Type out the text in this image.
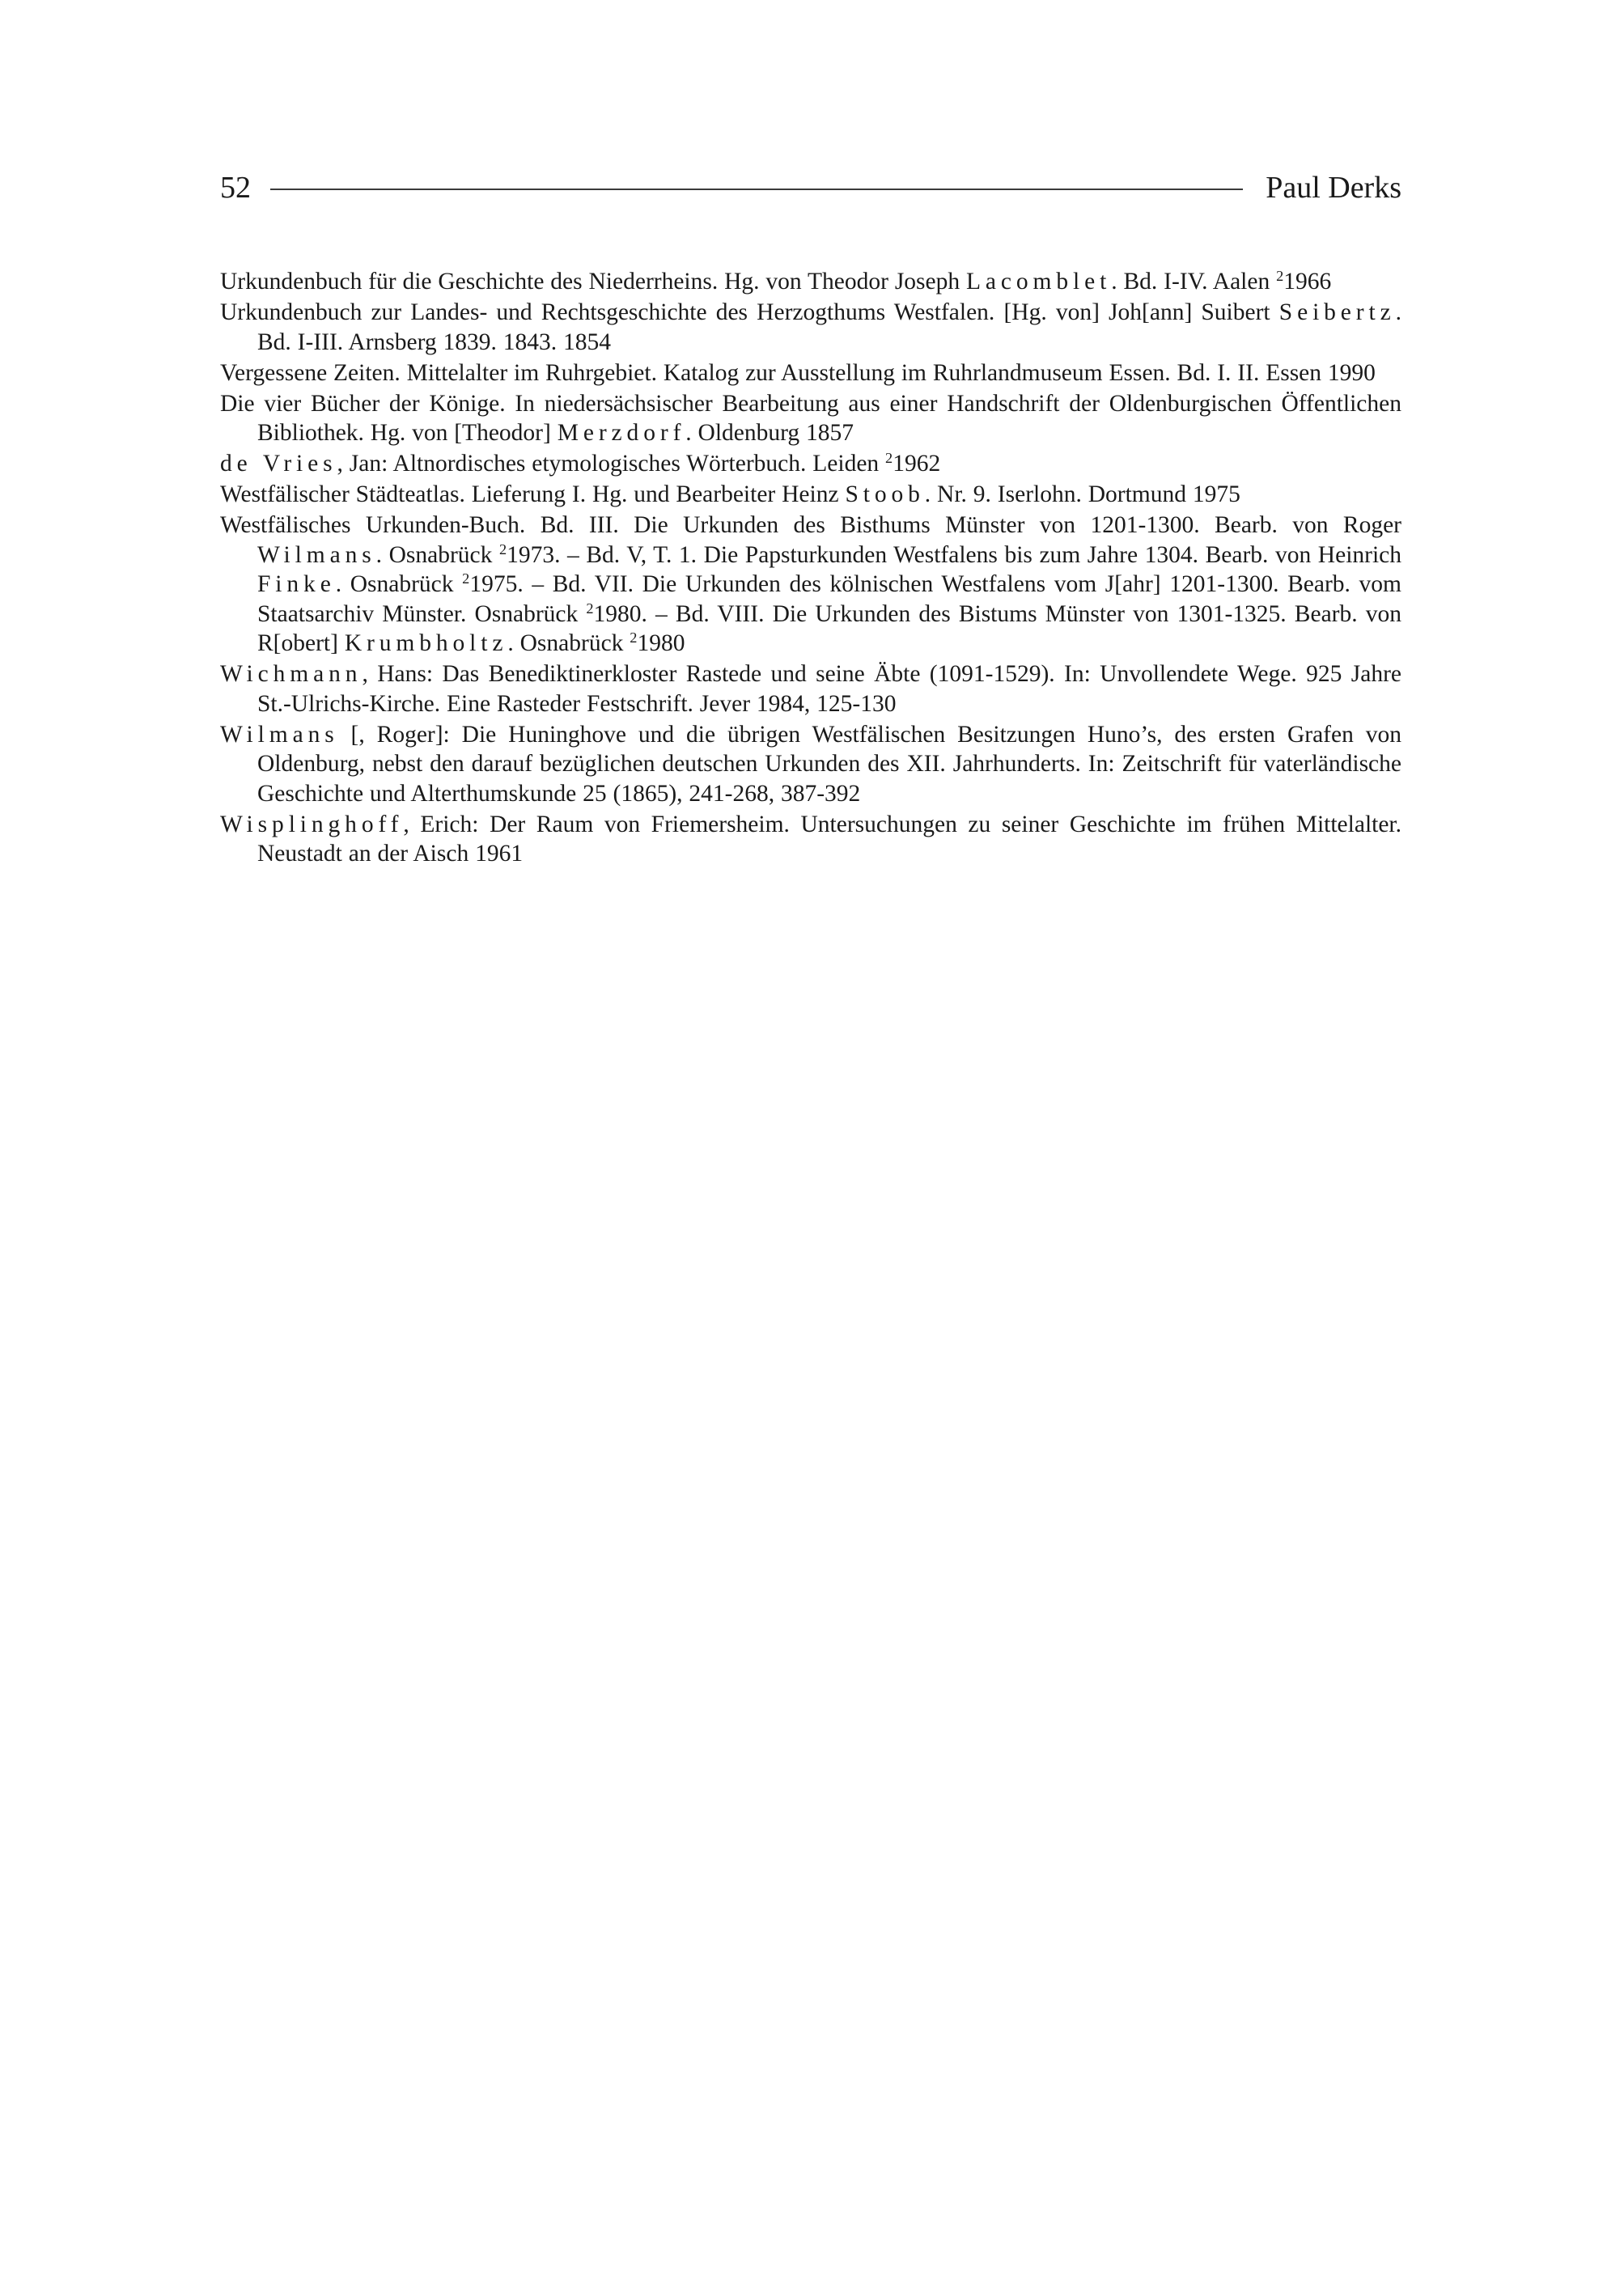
52	Paul Derks

Urkundenbuch für die Geschichte des Niederrheins. Hg. von Theodor Joseph Lacomblet. Bd. I-IV. Aalen $^2$1966

Urkundenbuch zur Landes- und Rechtsgeschichte des Herzogthums Westfalen. [Hg. von] Joh[ann] Suibert Seibertz. Bd. I-III. Arnsberg 1839. 1843. 1854

Vergessene Zeiten. Mittelalter im Ruhrgebiet. Katalog zur Ausstellung im Ruhrlandmuseum Essen. Bd. I. II. Essen 1990

Die vier Bücher der Könige. In niedersächsischer Bearbeitung aus einer Handschrift der Oldenburgischen Öffentlichen Bibliothek. Hg. von [Theodor] Merzdorf. Oldenburg 1857

de Vries, Jan: Altnordisches etymologisches Wörterbuch. Leiden $^2$1962

Westfälischer Städteatlas. Lieferung I. Hg. und Bearbeiter Heinz Stoob. Nr. 9. Iserlohn. Dortmund 1975

Westfälisches Urkunden-Buch. Bd. III. Die Urkunden des Bisthums Münster von 1201-1300. Bearb. von Roger Wilmans. Osnabrück $^2$1973. – Bd. V, T. 1. Die Papsturkunden Westfalens bis zum Jahre 1304. Bearb. von Heinrich Finke. Osnabrück $^2$1975. – Bd. VII. Die Urkunden des kölnischen Westfalens vom J[ahr] 1201-1300. Bearb. vom Staatsarchiv Münster. Osnabrück $^2$1980. – Bd. VIII. Die Urkunden des Bistums Münster von 1301-1325. Bearb. von R[obert] Krumbholtz. Osnabrück $^2$1980

Wichmann, Hans: Das Benediktinerkloster Rastede und seine Äbte (1091-1529). In: Unvollendete Wege. 925 Jahre St.-Ulrichs-Kirche. Eine Rasteder Festschrift. Jever 1984, 125-130

Wilmans [, Roger]: Die Huninghove und die übrigen Westfälischen Besitzungen Huno’s, des ersten Grafen von Oldenburg, nebst den darauf bezüglichen deutschen Urkunden des XII. Jahrhunderts. In: Zeitschrift für vaterländische Geschichte und Alterthumskunde 25 (1865), 241-268, 387-392

Wisplinghoff, Erich: Der Raum von Friemersheim. Untersuchungen zu seiner Geschichte im frühen Mittelalter. Neustadt an der Aisch 1961
